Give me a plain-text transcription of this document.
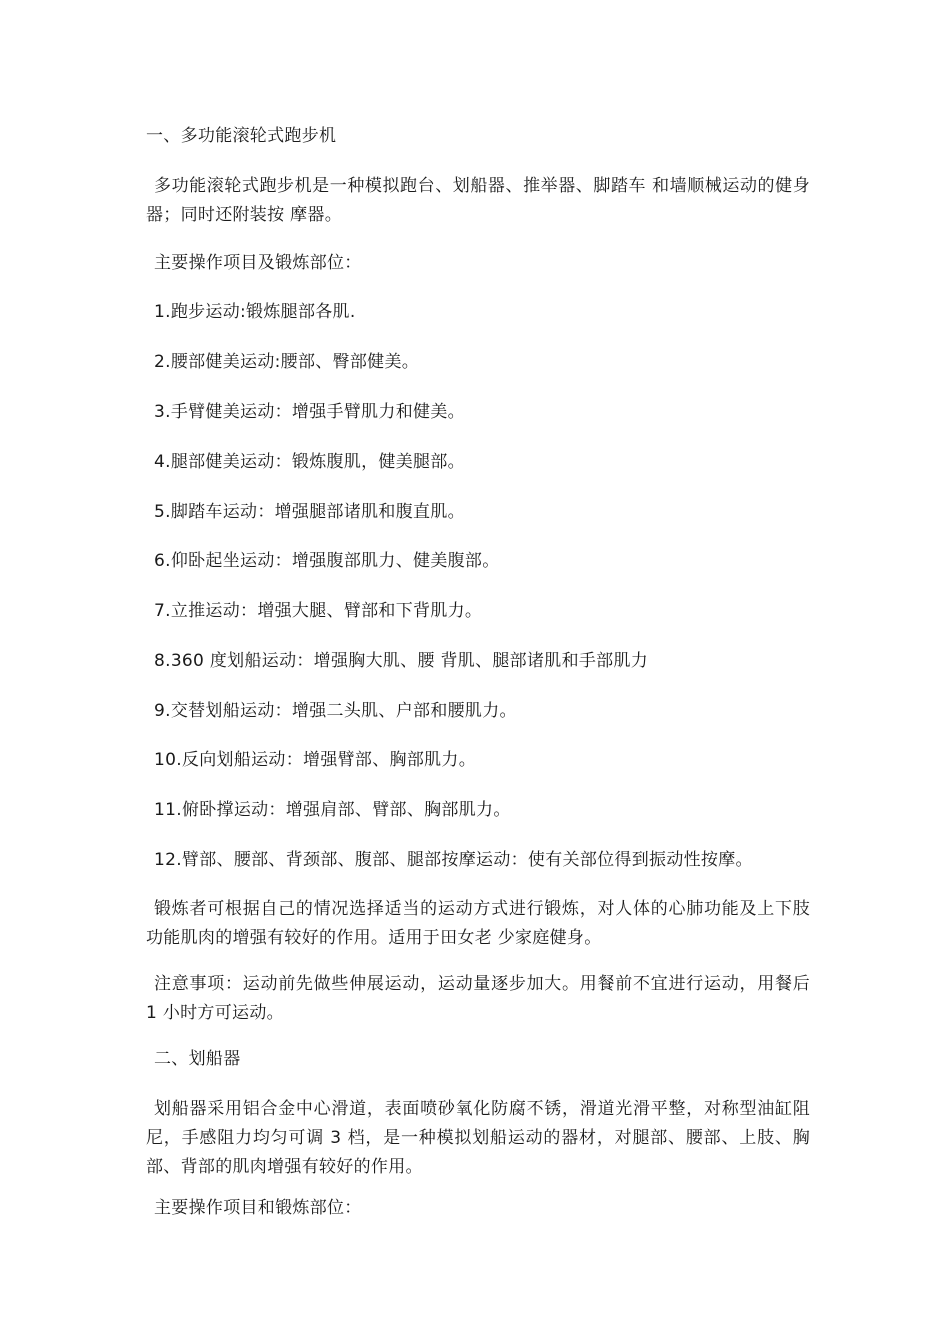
一、多功能滚轮式跑步机
多功能滚轮式跑步机是一种模拟跑台、划船器、推举器、脚踏车 和墙顺械运动的健身器；同时还附装按 摩器。
主要操作项目及锻炼部位：
1.跑步运动:锻炼腿部各肌.
2.腰部健美运动:腰部、臀部健美。
3.手臂健美运动：增强手臂肌力和健美。
4.腿部健美运动：锻炼腹肌，健美腿部。
5.脚踏车运动：增强腿部诸肌和腹直肌。
6.仰卧起坐运动：增强腹部肌力、健美腹部。
7.立推运动：增强大腿、臂部和下背肌力。
8.360 度划船运动：增强胸大肌、腰 背肌、腿部诸肌和手部肌力
9.交替划船运动：增强二头肌、户部和腰肌力。
10.反向划船运动：增强臂部、胸部肌力。
11.俯卧撑运动：增强肩部、臂部、胸部肌力。
12.臂部、腰部、背颈部、腹部、腿部按摩运动：使有关部位得到振动性按摩。
锻炼者可根据自己的情况选择适当的运动方式进行锻炼，对人体的心肺功能及上下肢功能肌肉的增强有较好的作用。适用于田女老 少家庭健身。
注意事项：运动前先做些伸展运动，运动量逐步加大。用餐前不宜进行运动，用餐后 1 小时方可运动。
二、划船器
划船器采用铝合金中心滑道，表面喷砂氧化防腐不锈，滑道光滑平整，对称型油缸阻尼，手感阻力均匀可调 3 档，是一种模拟划船运动的器材，对腿部、腰部、上肢、胸部、背部的肌肉增强有较好的作用。
主要操作项目和锻炼部位：
